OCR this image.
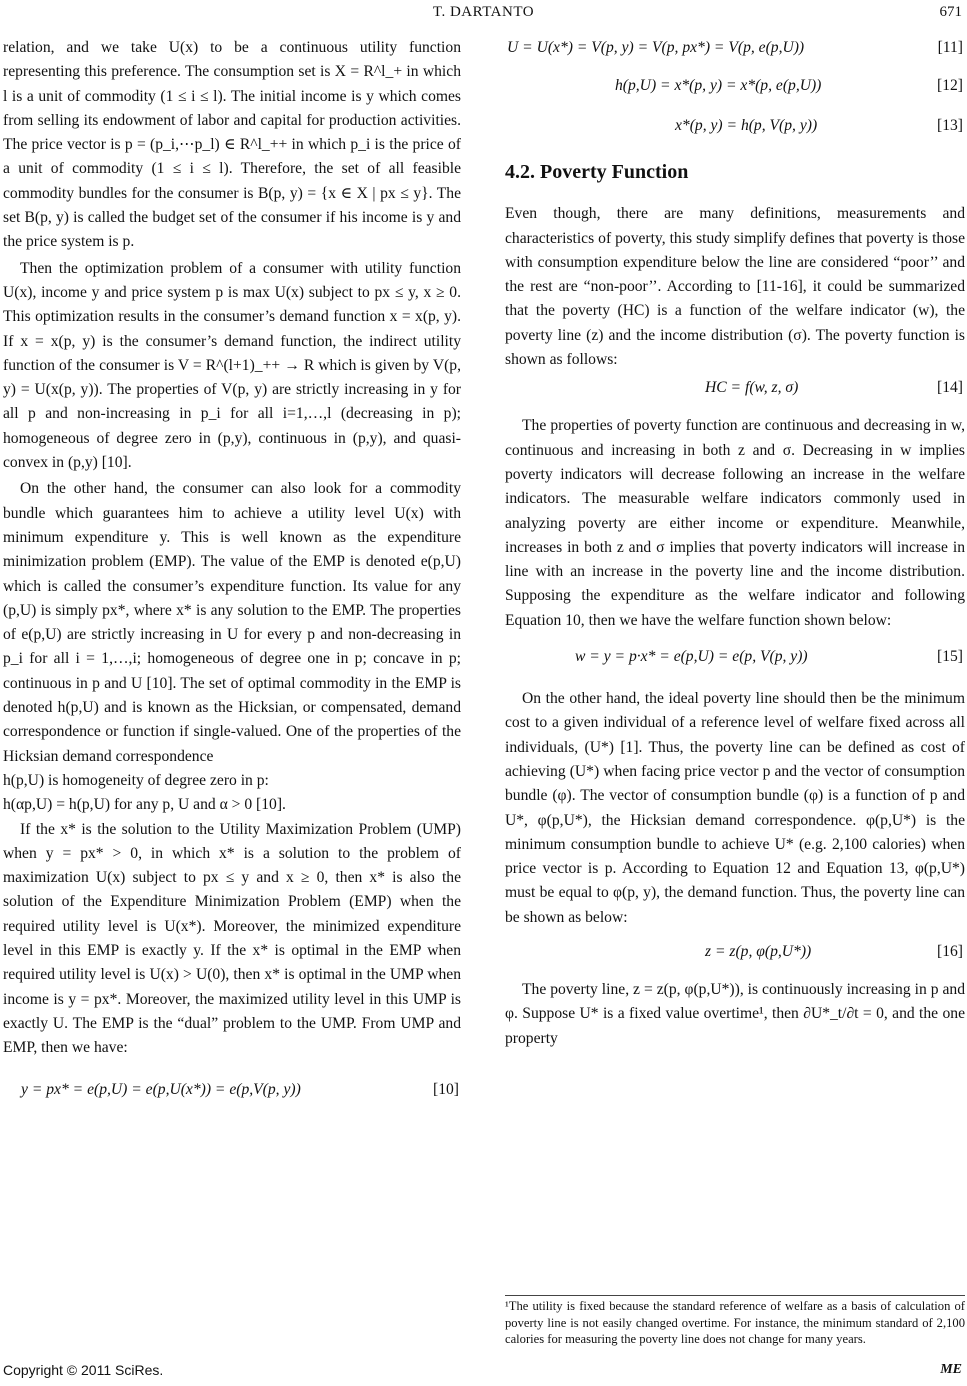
T. DARTANTO	671

relation, and we take U(x) to be a continuous utility function representing this preference. The consumption set is X = R^l_+ in which l is a unit of commodity (1 ≤ i ≤ l). The initial income is y which comes from selling its endowment of labor and capital for production activities. The price vector is p = (p_i,⋯p_l) ∈ R^l_++ in which p_i is the price of a unit of commodity (1 ≤ i ≤ l). Therefore, the set of all feasible commodity bundles for the consumer is B(p, y) = {x ∈ X | px ≤ y}. The set B(p, y) is called the budget set of the consumer if his income is y and the price system is p.

Then the optimization problem of a consumer with utility function U(x), income y and price system p is max U(x) subject to px ≤ y, x ≥ 0. This optimization results in the consumer’s demand function x = x(p, y). If x = x(p, y) is the consumer’s demand function, the indirect utility function of the consumer is V = R^(l+1)_++ → R which is given by V(p, y) = U(x(p, y)). The properties of V(p, y) are strictly increasing in y for all p and non-increasing in p_i for all i=1,…,l (decreasing in p); homogeneous of degree zero in (p,y), continuous in (p,y), and quasi-convex in (p,y) [10].

On the other hand, the consumer can also look for a commodity bundle which guarantees him to achieve a utility level U(x) with minimum expenditure y. This is well known as the expenditure minimization problem (EMP). The value of the EMP is denoted e(p,U) which is called the consumer’s expenditure function. Its value for any (p,U) is simply px*, where x* is any solution to the EMP. The properties of e(p,U) are strictly increasing in U for every p and non-decreasing in p_i for all i = 1,…,i; homogeneous of degree one in p; concave in p; continuous in p and U [10]. The set of optimal commodity in the EMP is denoted h(p,U) and is known as the Hicksian, or compensated, demand correspondence or function if single-valued. One of the properties of the Hicksian demand correspondence

h(p,U) is homogeneity of degree zero in p:

h(αp,U) = h(p,U) for any p, U and α > 0 [10].

If the x* is the solution to the Utility Maximization Problem (UMP) when y = px* > 0, in which x* is a solution to the problem of maximization U(x) subject to px ≤ y and x ≥ 0, then x* is also the solution of the Expenditure Minimization Problem (EMP) when the required utility level is U(x*). Moreover, the minimized expenditure level in this EMP is exactly y. If the x* is optimal in the EMP when required utility level is U(x) > U(0), then x* is optimal in the UMP when income is y = px*. Moreover, the maximized utility level in this UMP is exactly U. The EMP is the “dual” problem to the UMP. From UMP and EMP, then we have:

y = px* = e(p,U) = e(p,U(x*)) = e(p,V(p, y))	[10]
U = U(x*) = V(p, y) = V(p, px*) = V(p, e(p,U))	[11]
h(p,U) = x*(p, y) = x*(p, e(p,U))	[12]
x*(p, y) = h(p, V(p, y))	[13]
4.2. Poverty Function

Even though, there are many definitions, measurements and characteristics of poverty, this study simplify defines that poverty is those with consumption expenditure below the line are considered “poor’’ and the rest are “non-poor’’. According to [11-16], it could be summarized that the poverty (HC) is a function of the welfare indicator (w), the poverty line (z) and the income distribution (σ). The poverty function is shown as follows:

HC = f(w, z, σ)	[14]

The properties of poverty function are continuous and decreasing in w, continuous and increasing in both z and σ. Decreasing in w implies poverty indicators will decrease following an increase in the welfare indicators. The measurable welfare indicators commonly used in analyzing poverty are either income or expenditure. Meanwhile, increases in both z and σ implies that poverty indicators will increase in line with an increase in the poverty line and the income distribution. Supposing the expenditure as the welfare indicator and following Equation 10, then we have the welfare function shown below:

w = y = p·x* = e(p,U) = e(p, V(p, y))	[15]

On the other hand, the ideal poverty line should then be the minimum cost to a given individual of a reference level of welfare fixed across all individuals, (U*) [1]. Thus, the poverty line can be defined as cost of achieving (U*) when facing price vector p and the vector of consumption bundle (φ). The vector of consumption bundle (φ) is a function of p and U*, φ(p,U*), the Hicksian demand correspondence. φ(p,U*) is the minimum consumption bundle to achieve U* (e.g. 2,100 calories) when price vector is p. According to Equation 12 and Equation 13, φ(p,U*) must be equal to φ(p, y), the demand function. Thus, the poverty line can be shown as below:

z = z(p, φ(p,U*))	[16]

The poverty line, z = z(p, φ(p,U*)), is continuously increasing in p and φ. Suppose U* is a fixed value overtime¹, then ∂U*_t/∂t = 0, and the one property

¹The utility is fixed because the standard reference of welfare as a basis of calculation of poverty line is not easily changed overtime. For instance, the minimum standard of 2,100 calories for measuring the poverty line does not change for many years.
Copyright © 2011 SciRes.	ME
